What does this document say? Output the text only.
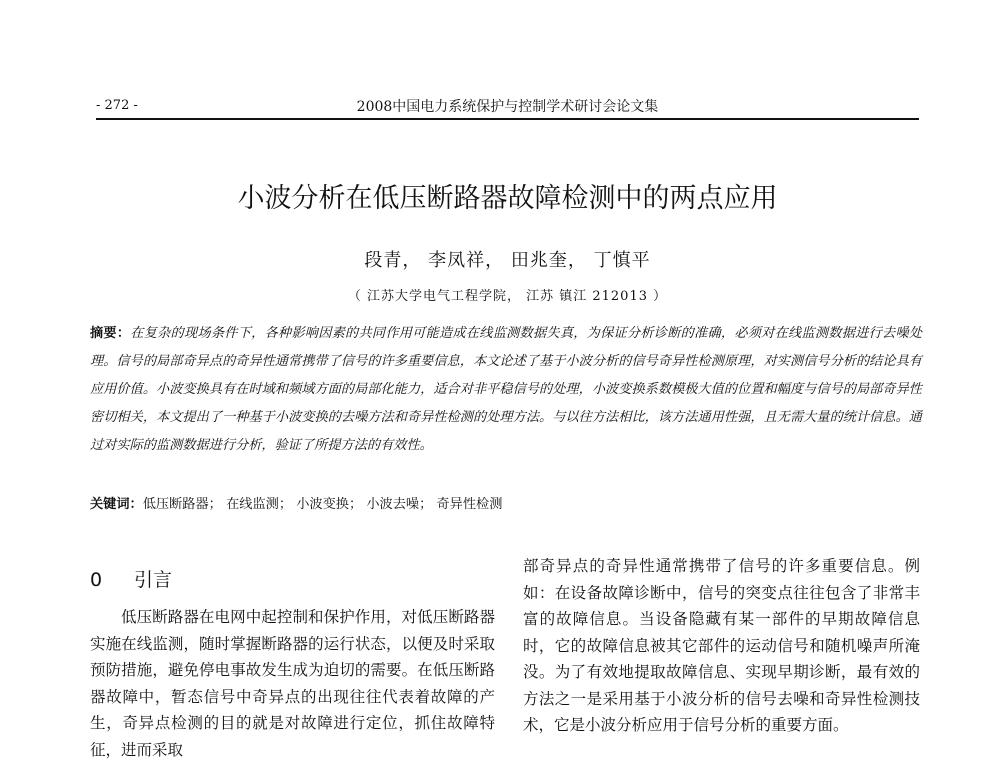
- 272 -	2008中国电力系统保护与控制学术研讨会论文集
小波分析在低压断路器故障检测中的两点应用
段青， 李凤祥， 田兆奎， 丁慎平
（ 江苏大学电气工程学院， 江苏 镇江 212013 ）
摘要：在复杂的现场条件下，各种影响因素的共同作用可能造成在线监测数据失真，为保证分析诊断的准确，必须对在线监测数据进行去噪处理。信号的局部奇异点的奇异性通常携带了信号的许多重要信息，本文论述了基于小波分析的信号奇异性检测原理，对实测信号分析的结论具有应用价值。小波变换具有在时域和频域方面的局部化能力，适合对非平稳信号的处理，小波变换系数模极大值的位置和幅度与信号的局部奇异性密切相关，本文提出了一种基于小波变换的去噪方法和奇异性检测的处理方法。与以往方法相比，该方法通用性强，且无需大量的统计信息。通过对实际的监测数据进行分析，验证了所提方法的有效性。
关键词：低压断路器； 在线监测； 小波变换； 小波去噪； 奇异性检测
0 引言
低压断路器在电网中起控制和保护作用，对低压断路器实施在线监测，随时掌握断路器的运行状态，以便及时采取预防措施，避免停电事故发生成为迫切的需要。在低压断路器故障中，暂态信号中奇异点的出现往往代表着故障的产生，奇异点检测的目的就是对故障进行定位，抓住故障特征，进而采取
部奇异点的奇异性通常携带了信号的许多重要信息。例如：在设备故障诊断中，信号的突变点往往包含了非常丰富的故障信息。当设备隐藏有某一部件的早期故障信息时，它的故障信息被其它部件的运动信号和随机噪声所淹没。为了有效地提取故障信息、实现早期诊断，最有效的方法之一是采用基于小波分析的信号去噪和奇异性检测技术，它是小波分析应用于信号分析的重要方面。
